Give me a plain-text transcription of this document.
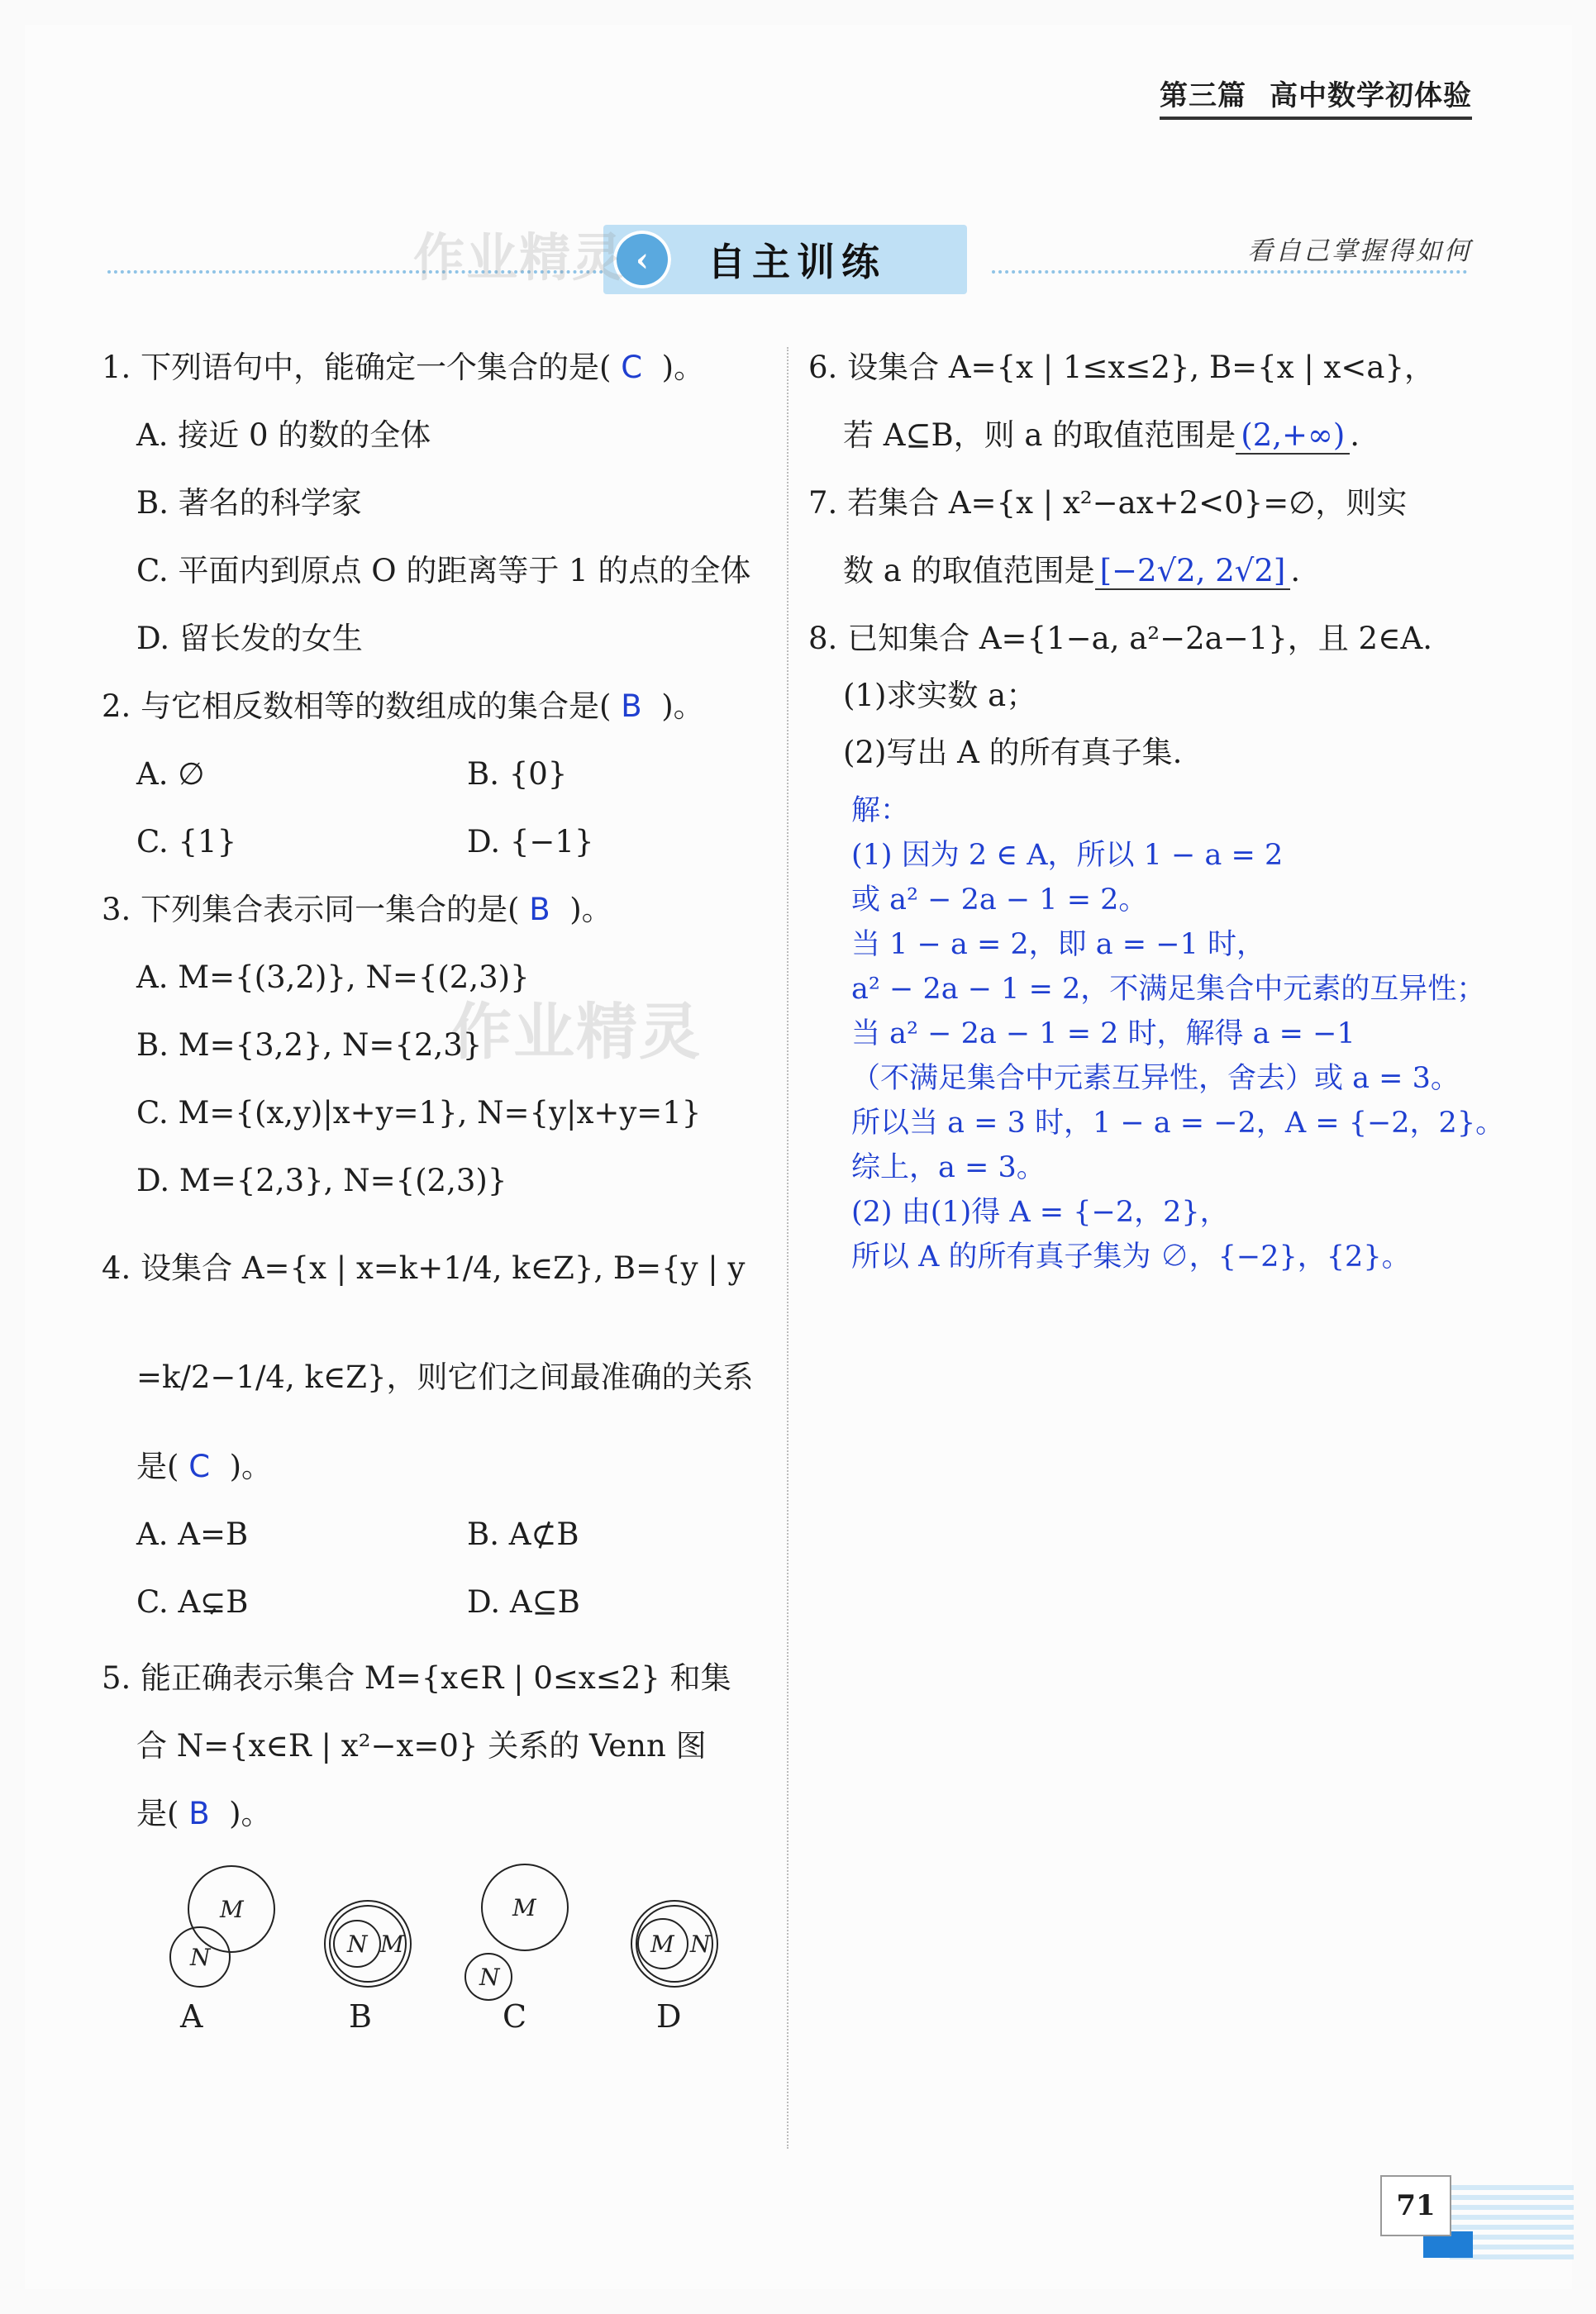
第三篇 高中数学初体验
‹	自主训练	看自己掌握得如何
作业精灵
作业精灵
1. 下列语句中，能确定一个集合的是( C )。
A. 接近 0 的数的全体
B. 著名的科学家
C. 平面内到原点 O 的距离等于 1 的点的全体
D. 留长发的女生
2. 与它相反数相等的数组成的集合是( B )。
A. ∅	B. {0}
C. {1}	D. {−1}
3. 下列集合表示同一集合的是( B )。
A. M={(3,2)}, N={(2,3)}
B. M={3,2}, N={2,3}
C. M={(x,y)|x+y=1}, N={y|x+y=1}
D. M={2,3}, N={(2,3)}
4. 设集合 A={x | x=k+1/4, k∈Z}, B={y | y
=k/2−1/4, k∈Z}，则它们之间最准确的关系
是( C )。
A. A=B	B. A⊄B
C. A⊊B	D. A⊆B
5. 能正确表示集合 M={x∈R | 0≤x≤2} 和集
合 N={x∈R | x²−x=0} 关系的 Venn 图
是( B )。
M
N	N M
M
N
M N
A	B	C	D
6. 设集合 A={x | 1≤x≤2}, B={x | x<a}，
若 A⊆B，则 a 的取值范围是 (2,+∞) .
7. 若集合 A={x | x²−ax+2<0}=∅，则实
数 a 的取值范围是 [−2√2, 2√2] .
8. 已知集合 A={1−a, a²−2a−1}，且 2∈A.
(1)求实数 a；
(2)写出 A 的所有真子集.
解：
(1) 因为 2 ∈ A，所以 1 − a = 2
或 a² − 2a − 1 = 2。
当 1 − a = 2，即 a = −1 时，
a² − 2a − 1 = 2，不满足集合中元素的互异性；
当 a² − 2a − 1 = 2 时，解得 a = −1
（不满足集合中元素互异性，舍去）或 a = 3。
所以当 a = 3 时，1 − a = −2，A = {−2，2}。
综上，a = 3。
(2) 由(1)得 A = {−2，2}，
所以 A 的所有真子集为 ∅，{−2}，{2}。
71
